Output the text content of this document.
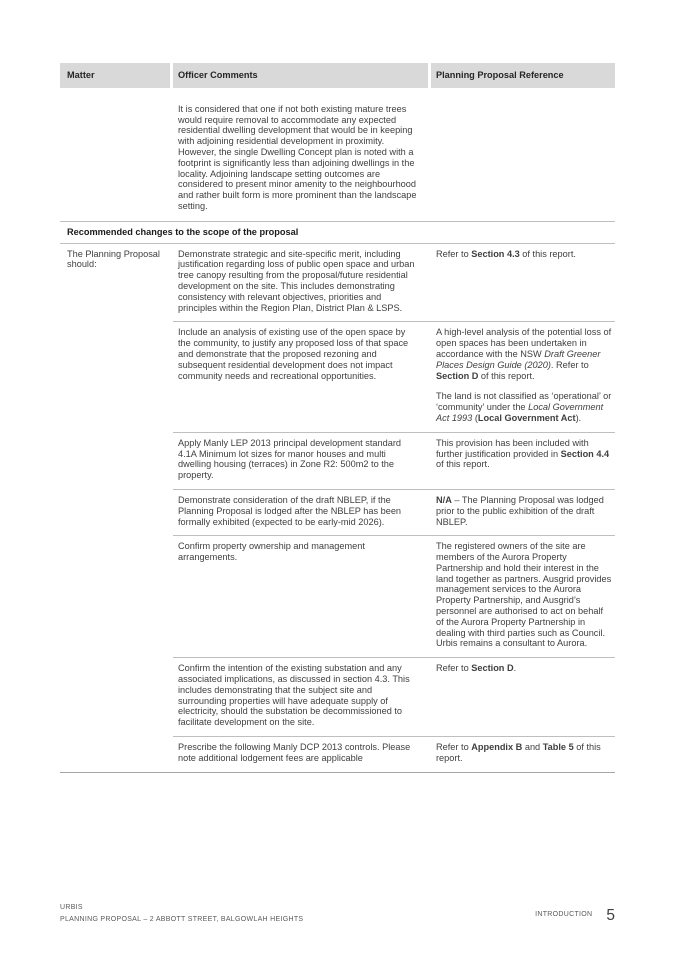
Matter	Officer Comments	Planning Proposal Reference
It is considered that one if not both existing mature trees would require removal to accommodate any expected residential dwelling development that would be in keeping with adjoining residential development in proximity. However, the single Dwelling Concept plan is noted with a footprint is significantly less than adjoining dwellings in the locality. Adjoining landscape setting outcomes are considered to present minor amenity to the neighbourhood and rather built form is more prominent than the landscape setting.
Recommended changes to the scope of the proposal
The Planning Proposal should:
Demonstrate strategic and site-specific merit, including justification regarding loss of public open space and urban tree canopy resulting from the proposal/future residential development on the site. This includes demonstrating consistency with relevant objectives, priorities and principles within the Region Plan, District Plan & LSPS.

Refer to Section 4.3 of this report.

Include an analysis of existing use of the open space by the community, to justify any proposed loss of that space and demonstrate that the proposed rezoning and subsequent residential development does not impact community needs and recreational opportunities.

A high-level analysis of the potential loss of open spaces has been undertaken in accordance with the NSW Draft Greener Places Design Guide (2020). Refer to Section D of this report.

The land is not classified as ‘operational’ or ‘community’ under the Local Government Act 1993 (Local Government Act).

Apply Manly LEP 2013 principal development standard 4.1A Minimum lot sizes for manor houses and multi dwelling housing (terraces) in Zone R2: 500m2 to the property.

This provision has been included with further justification provided in Section 4.4 of this report.

Demonstrate consideration of the draft NBLEP, if the Planning Proposal is lodged after the NBLEP has been formally exhibited (expected to be early-mid 2026).

N/A – The Planning Proposal was lodged prior to the public exhibition of the draft NBLEP.

Confirm property ownership and management arrangements.

The registered owners of the site are members of the Aurora Property Partnership and hold their interest in the land together as partners. Ausgrid provides management services to the Aurora Property Partnership, and Ausgrid’s personnel are authorised to act on behalf of the Aurora Property Partnership in dealing with third parties such as Council. Urbis remains a consultant to Aurora.

Confirm the intention of the existing substation and any associated implications, as discussed in section 4.3. This includes demonstrating that the subject site and surrounding properties will have adequate supply of electricity, should the substation be decommissioned to facilitate development on the site.

Refer to Section D.

Prescribe the following Manly DCP 2013 controls. Please note additional lodgement fees are applicable

Refer to Appendix B and Table 5 of this report.

URBIS
PLANNING PROPOSAL – 2 ABBOTT STREET, BALGOWLAH HEIGHTS
INTRODUCTION 5
